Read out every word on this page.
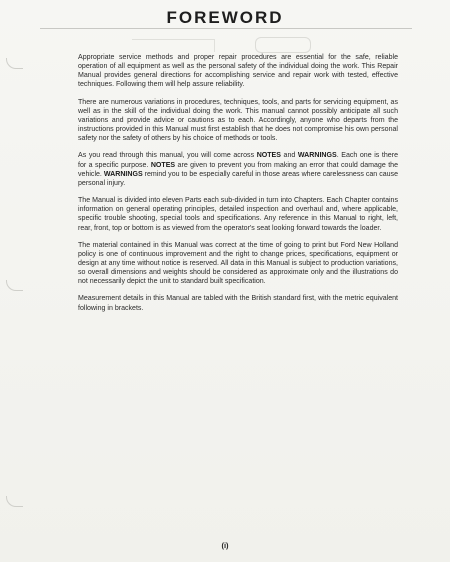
FOREWORD

Appropriate service methods and proper repair procedures are essential for the safe, reliable operation of all equipment as well as the personal safety of the individual doing the work. This Repair Manual provides general directions for accomplishing service and repair work with tested, effective techniques. Following them will help assure reliability.

There are numerous variations in procedures, techniques, tools, and parts for servicing equipment, as well as in the skill of the individual doing the work. This manual cannot possibly anticipate all such variations and provide advice or cautions as to each. Accordingly, anyone who departs from the instructions provided in this Manual must first establish that he does not compromise his own personal safety nor the safety of others by his choice of methods or tools.

As you read through this manual, you will come across NOTES and WARNINGS. Each one is there for a specific purpose. NOTES are given to prevent you from making an error that could damage the vehicle. WARNINGS remind you to be especially careful in those areas where carelessness can cause personal injury.

The Manual is divided into eleven Parts each sub-divided in turn into Chapters. Each Chapter contains information on general operating principles, detailed inspection and overhaul and, where applicable, specific trouble shooting, special tools and specifications. Any reference in this Manual to right, left, rear, front, top or bottom is as viewed from the operator's seat looking forward towards the loader.

The material contained in this Manual was correct at the time of going to print but Ford New Holland policy is one of continuous improvement and the right to change prices, specifications, equipment or design at any time without notice is reserved. All data in this Manual is subject to production variations, so overall dimensions and weights should be considered as approximate only and the illustrations do not necessarily depict the unit to standard built specification.

Measurement details in this Manual are tabled with the British standard first, with the metric equivalent following in brackets.

(i)
